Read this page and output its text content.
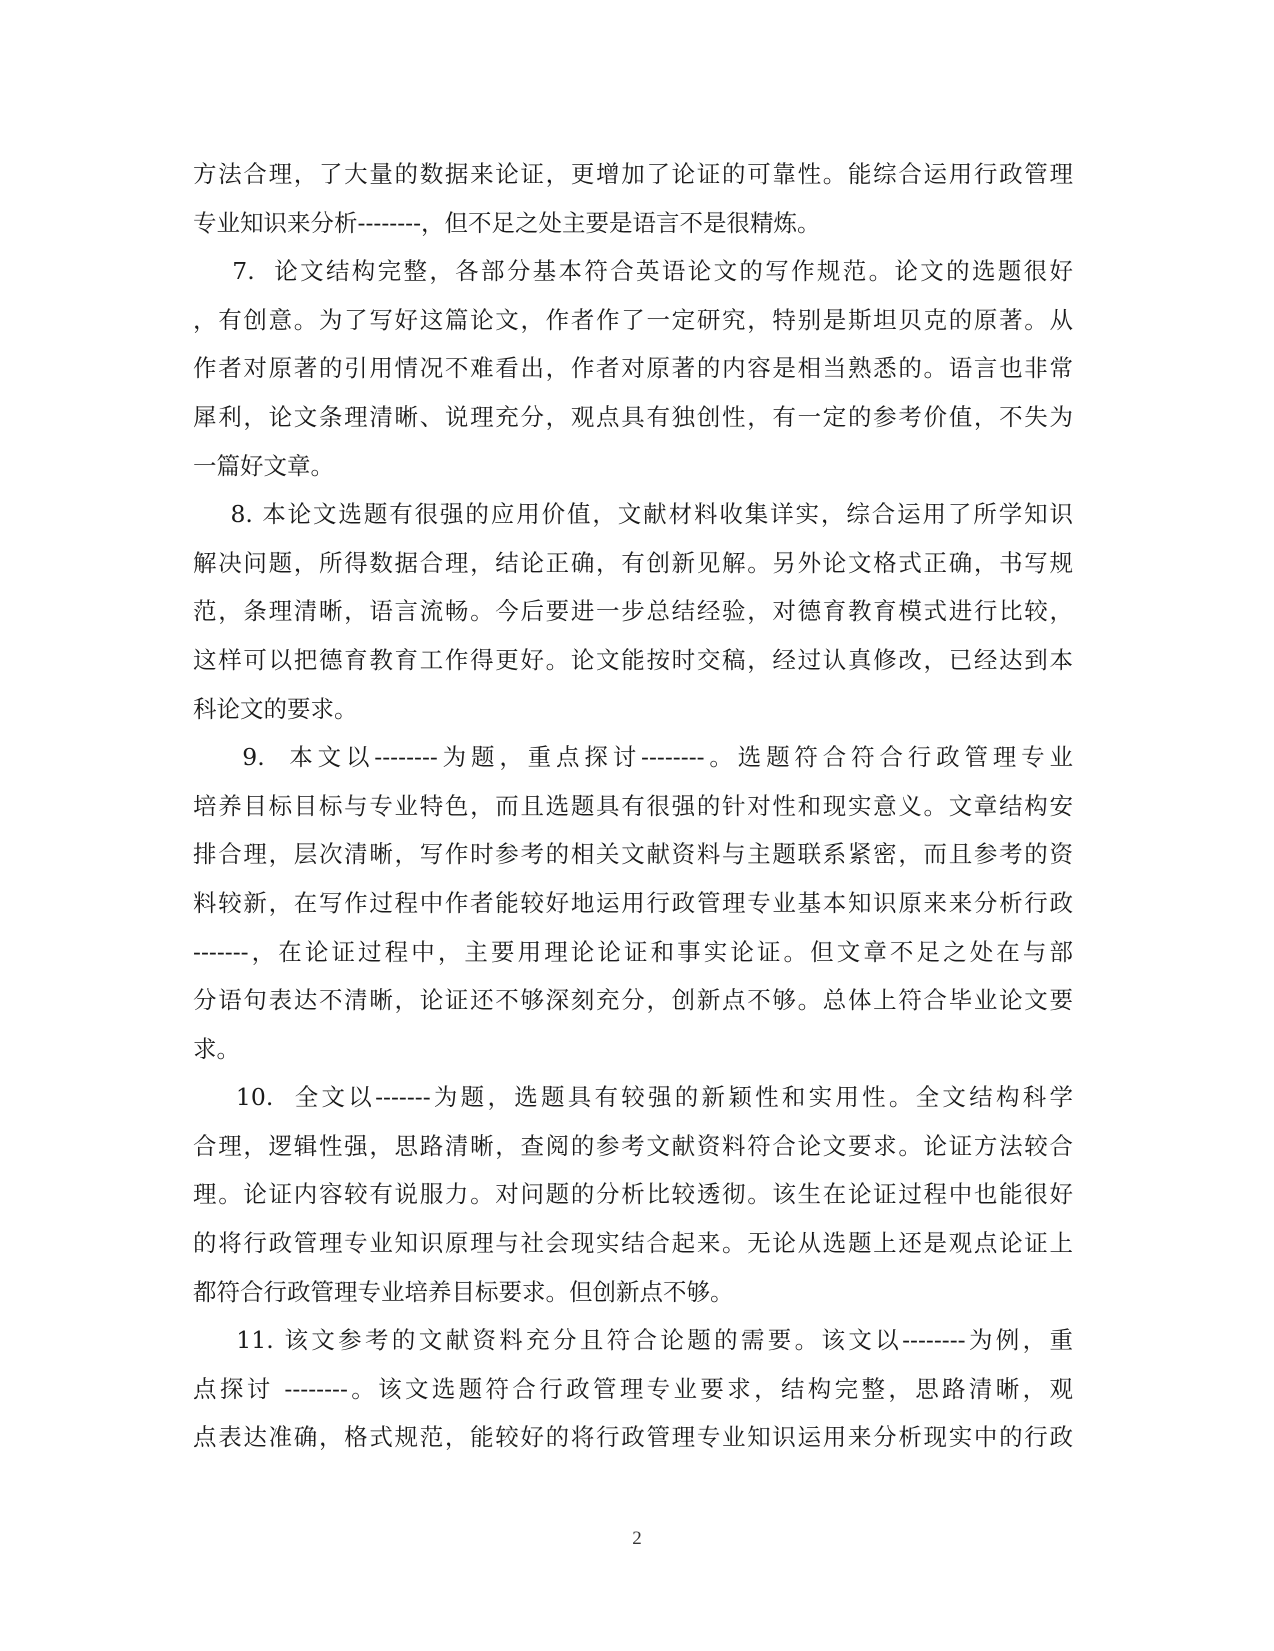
方法合理，了大量的数据来论证，更增加了论证的可靠性。能综合运用行政管理
专业知识来分析--------，但不足之处主要是语言不是很精炼。
7.  论文结构完整，各部分基本符合英语论文的写作规范。论文的选题很好
，有创意。为了写好这篇论文，作者作了一定研究，特别是斯坦贝克的原著。从
作者对原著的引用情况不难看出，作者对原著的内容是相当熟悉的。语言也非常
犀利，论文条理清晰、说理充分，观点具有独创性，有一定的参考价值，不失为
一篇好文章。
8. 本论文选题有很强的应用价值，文献材料收集详实，综合运用了所学知识
解决问题，所得数据合理，结论正确，有创新见解。另外论文格式正确，书写规
范，条理清晰，语言流畅。今后要进一步总结经验，对德育教育模式进行比较，
这样可以把德育教育工作得更好。论文能按时交稿，经过认真修改，已经达到本
科论文的要求。
9.  本文以--------为题，重点探讨--------。选题符合符合行政管理专业
培养目标目标与专业特色，而且选题具有很强的针对性和现实意义。文章结构安
排合理，层次清晰，写作时参考的相关文献资料与主题联系紧密，而且参考的资
料较新，在写作过程中作者能较好地运用行政管理专业基本知识原来来分析行政
-------，在论证过程中，主要用理论论证和事实论证。但文章不足之处在与部
分语句表达不清晰，论证还不够深刻充分，创新点不够。总体上符合毕业论文要
求。
10.  全文以-------为题，选题具有较强的新颖性和实用性。全文结构科学
合理，逻辑性强，思路清晰，查阅的参考文献资料符合论文要求。论证方法较合
理。论证内容较有说服力。对问题的分析比较透彻。该生在论证过程中也能很好
的将行政管理专业知识原理与社会现实结合起来。无论从选题上还是观点论证上
都符合行政管理专业培养目标要求。但创新点不够。
11. 该文参考的文献资料充分且符合论题的需要。该文以--------为例，重
点探讨 --------。该文选题符合行政管理专业要求，结构完整，思路清晰，观
点表达准确，格式规范，能较好的将行政管理专业知识运用来分析现实中的行政
2
